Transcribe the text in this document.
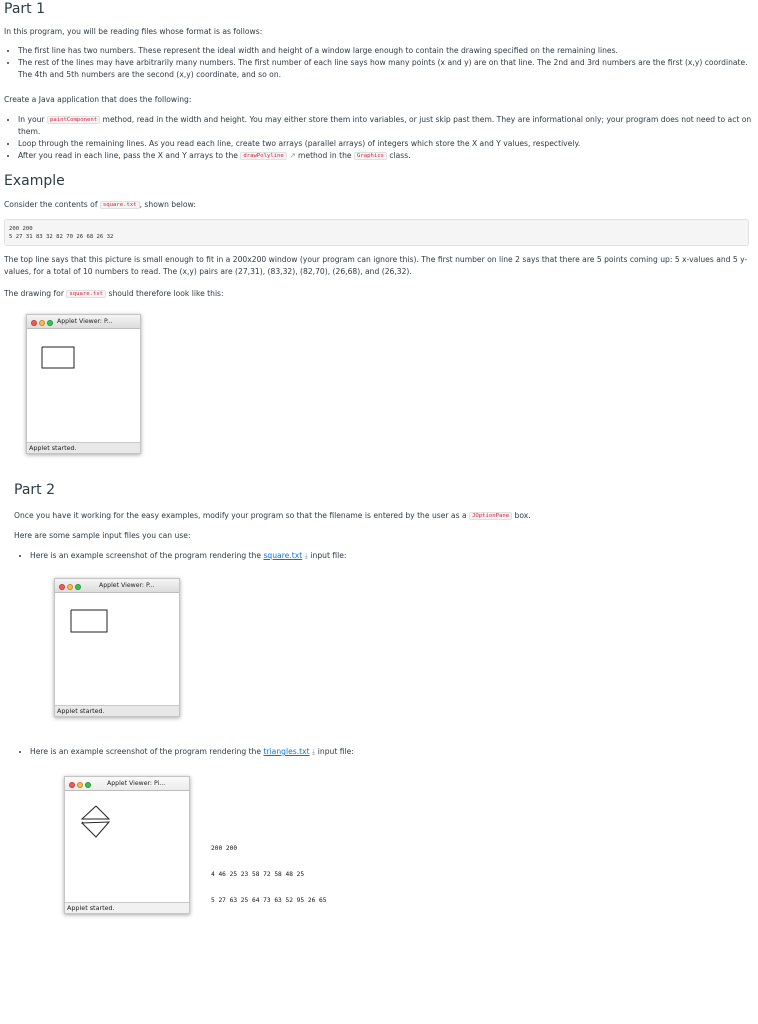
Part 1

In this program, you will be reading files whose format is as follows:

• The first line has two numbers. These represent the ideal width and height of a window large enough to contain the drawing specified on the remaining lines.
• The rest of the lines may have arbitrarily many numbers. The first number of each line says how many points (x and y) are on that line. The 2nd and 3rd numbers are the first (x,y) coordinate. The 4th and 5th numbers are the second (x,y) coordinate, and so on.

Create a Java application that does the following:

• In your paintComponent method, read in the width and height. You may either store them into variables, or just skip past them. They are informational only; your program does not need to act on them.
• Loop through the remaining lines. As you read each line, create two arrays (parallel arrays) of integers which store the X and Y values, respectively.
• After you read in each line, pass the X and Y arrays to the drawPolyline ↗ method in the Graphics class.
Example

Consider the contents of square.txt , shown below:

200 200
5 27 31 83 32 82 70 26 68 26 32

The top line says that this picture is small enough to fit in a 200x200 window (your program can ignore this). The first number on line 2 says that there are 5 points coming up: 5 x-values and 5 y-values, for a total of 10 numbers to read. The (x,y) pairs are (27,31), (83,32), (82,70), (26,68), and (26,32).

The drawing for square.txt should therefore look like this:

Applet Viewer: P...
Applet started.
Part 2

Once you have it working for the easy examples, modify your program so that the filename is entered by the user as a JOptionPane box.

Here are some sample input files you can use:

• Here is an example screenshot of the program rendering the square.txt ⤓ input file:
Applet Viewer: P...
Applet started.
• Here is an example screenshot of the program rendering the triangles.txt ⤓ input file:
Applet Viewer: Pi...
Applet started.

200 200

4 46 25 23 58 72 58 48 25

5 27 63 25 64 73 63 52 95 26 65
